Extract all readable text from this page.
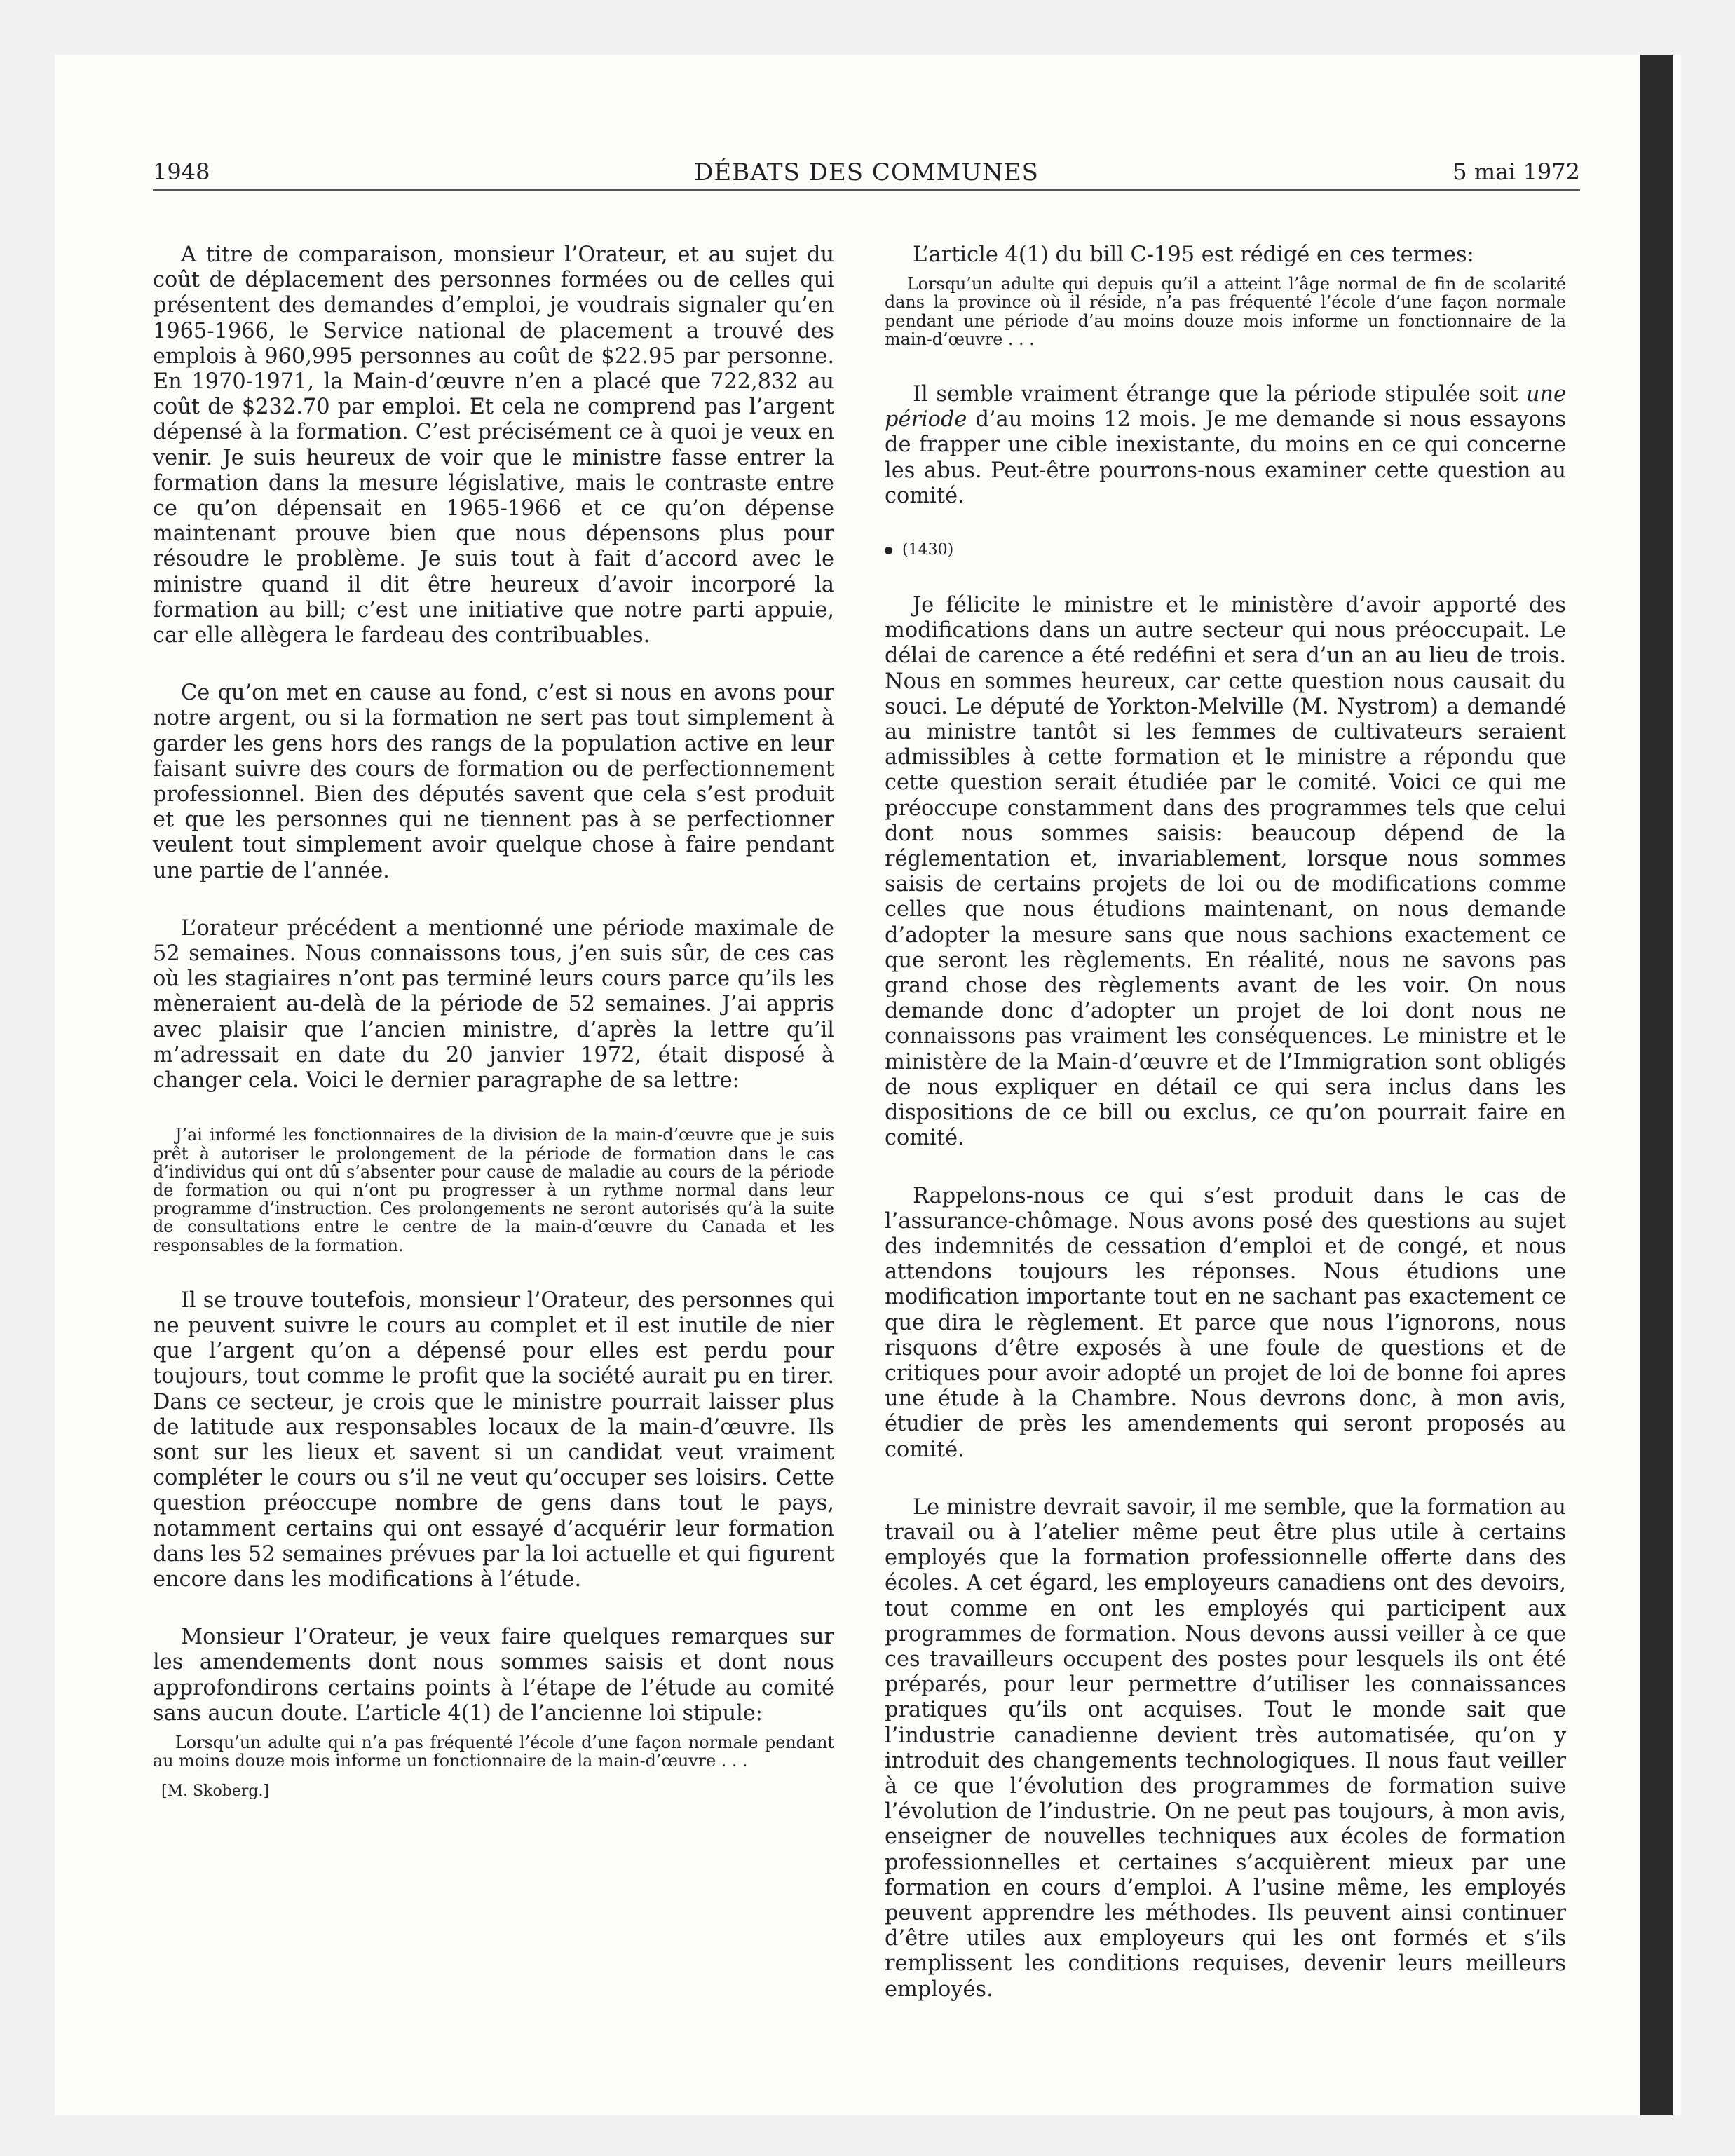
1948	DÉBATS DES COMMUNES	5 mai 1972

A titre de comparaison, monsieur l’Orateur, et au sujet du coût de déplacement des personnes formées ou de celles qui présentent des demandes d’emploi, je voudrais signaler qu’en 1965-1966, le Service national de placement a trouvé des emplois à 960,995 personnes au coût de $22.95 par personne. En 1970-1971, la Main-d’œuvre n’en a placé que 722,832 au coût de $232.70 par emploi. Et cela ne comprend pas l’argent dépensé à la formation. C’est précisément ce à quoi je veux en venir. Je suis heureux de voir que le ministre fasse entrer la formation dans la mesure législative, mais le contraste entre ce qu’on dépensait en 1965-1966 et ce qu’on dépense maintenant prouve bien que nous dépensons plus pour résoudre le problème. Je suis tout à fait d’accord avec le ministre quand il dit être heureux d’avoir incorporé la formation au bill; c’est une initiative que notre parti appuie, car elle allègera le fardeau des contribuables.

Ce qu’on met en cause au fond, c’est si nous en avons pour notre argent, ou si la formation ne sert pas tout simplement à garder les gens hors des rangs de la population active en leur faisant suivre des cours de formation ou de perfectionnement professionnel. Bien des députés savent que cela s’est produit et que les personnes qui ne tiennent pas à se perfectionner veulent tout simplement avoir quelque chose à faire pendant une partie de l’année.

L’orateur précédent a mentionné une période maximale de 52 semaines. Nous connaissons tous, j’en suis sûr, de ces cas où les stagiaires n’ont pas terminé leurs cours parce qu’ils les mèneraient au-delà de la période de 52 semaines. J’ai appris avec plaisir que l’ancien ministre, d’après la lettre qu’il m’adressait en date du 20 janvier 1972, était disposé à changer cela. Voici le dernier paragraphe de sa lettre:

J’ai informé les fonctionnaires de la division de la main-d’œuvre que je suis prêt à autoriser le prolongement de la période de formation dans le cas d’individus qui ont dû s’absenter pour cause de maladie au cours de la période de formation ou qui n’ont pu progresser à un rythme normal dans leur programme d’instruction. Ces prolongements ne seront autorisés qu’à la suite de consultations entre le centre de la main-d’œuvre du Canada et les responsables de la formation.

Il se trouve toutefois, monsieur l’Orateur, des personnes qui ne peuvent suivre le cours au complet et il est inutile de nier que l’argent qu’on a dépensé pour elles est perdu pour toujours, tout comme le profit que la société aurait pu en tirer. Dans ce secteur, je crois que le ministre pourrait laisser plus de latitude aux responsables locaux de la main-d’œuvre. Ils sont sur les lieux et savent si un candidat veut vraiment compléter le cours ou s’il ne veut qu’occuper ses loisirs. Cette question préoccupe nombre de gens dans tout le pays, notamment certains qui ont essayé d’acquérir leur formation dans les 52 semaines prévues par la loi actuelle et qui figurent encore dans les modifications à l’étude.

Monsieur l’Orateur, je veux faire quelques remarques sur les amendements dont nous sommes saisis et dont nous approfondirons certains points à l’étape de l’étude au comité sans aucun doute. L’article 4(1) de l’ancienne loi stipule:

Lorsqu’un adulte qui n’a pas fréquenté l’école d’une façon normale pendant au moins douze mois informe un fonctionnaire de la main-d’œuvre . . .
[M. Skoberg.]

L’article 4(1) du bill C-195 est rédigé en ces termes:

Lorsqu’un adulte qui depuis qu’il a atteint l’âge normal de fin de scolarité dans la province où il réside, n’a pas fréquenté l’école d’une façon normale pendant une période d’au moins douze mois informe un fonctionnaire de la main-d’œuvre . . .

Il semble vraiment étrange que la période stipulée soit une période d’au moins 12 mois. Je me demande si nous essayons de frapper une cible inexistante, du moins en ce qui concerne les abus. Peut-être pourrons-nous examiner cette question au comité.

(1430)

Je félicite le ministre et le ministère d’avoir apporté des modifications dans un autre secteur qui nous préoccupait. Le délai de carence a été redéfini et sera d’un an au lieu de trois. Nous en sommes heureux, car cette question nous causait du souci. Le député de Yorkton-Melville (M. Nystrom) a demandé au ministre tantôt si les femmes de cultivateurs seraient admissibles à cette formation et le ministre a répondu que cette question serait étudiée par le comité. Voici ce qui me préoccupe constamment dans des programmes tels que celui dont nous sommes saisis: beaucoup dépend de la réglementation et, invariablement, lorsque nous sommes saisis de certains projets de loi ou de modifications comme celles que nous étudions maintenant, on nous demande d’adopter la mesure sans que nous sachions exactement ce que seront les règlements. En réalité, nous ne savons pas grand chose des règlements avant de les voir. On nous demande donc d’adopter un projet de loi dont nous ne connaissons pas vraiment les conséquences. Le ministre et le ministère de la Main-d’œuvre et de l’Immigration sont obligés de nous expliquer en détail ce qui sera inclus dans les dispositions de ce bill ou exclus, ce qu’on pourrait faire en comité.

Rappelons-nous ce qui s’est produit dans le cas de l’assurance-chômage. Nous avons posé des questions au sujet des indemnités de cessation d’emploi et de congé, et nous attendons toujours les réponses. Nous étudions une modification importante tout en ne sachant pas exactement ce que dira le règlement. Et parce que nous l’ignorons, nous risquons d’être exposés à une foule de questions et de critiques pour avoir adopté un projet de loi de bonne foi apres une étude à la Chambre. Nous devrons donc, à mon avis, étudier de près les amendements qui seront proposés au comité.

Le ministre devrait savoir, il me semble, que la formation au travail ou à l’atelier même peut être plus utile à certains employés que la formation professionnelle offerte dans des écoles. A cet égard, les employeurs canadiens ont des devoirs, tout comme en ont les employés qui participent aux programmes de formation. Nous devons aussi veiller à ce que ces travailleurs occupent des postes pour lesquels ils ont été préparés, pour leur permettre d’utiliser les connaissances pratiques qu’ils ont acquises. Tout le monde sait que l’industrie canadienne devient très automatisée, qu’on y introduit des changements technologiques. Il nous faut veiller à ce que l’évolution des programmes de formation suive l’évolution de l’industrie. On ne peut pas toujours, à mon avis, enseigner de nouvelles techniques aux écoles de formation professionnelles et certaines s’acquièrent mieux par une formation en cours d’emploi. A l’usine même, les employés peuvent apprendre les méthodes. Ils peuvent ainsi continuer d’être utiles aux employeurs qui les ont formés et s’ils remplissent les conditions requises, devenir leurs meilleurs employés.
